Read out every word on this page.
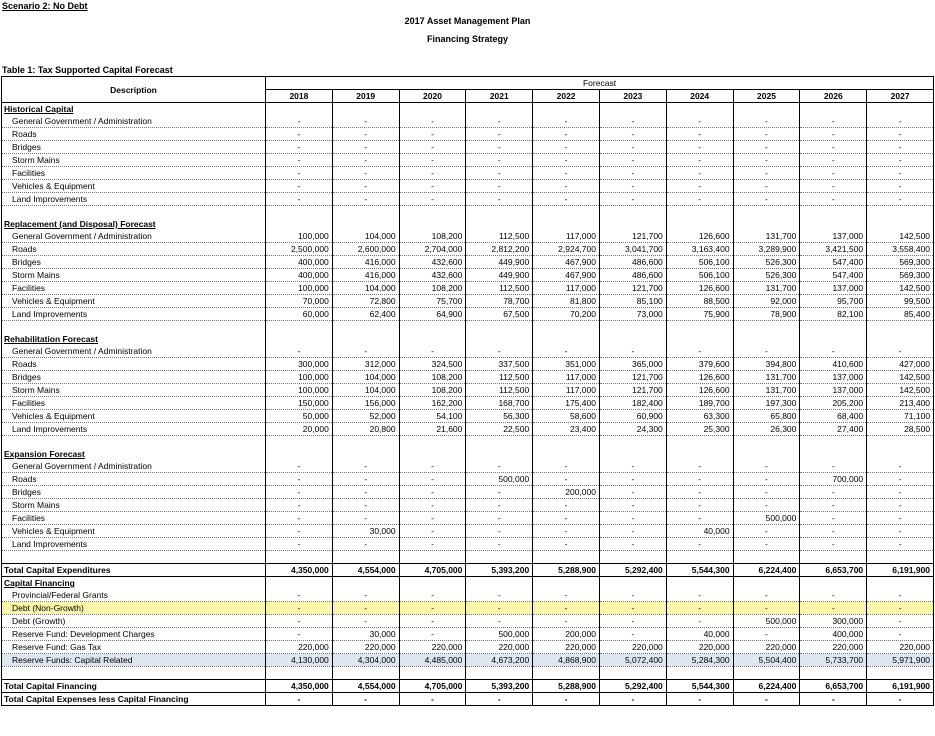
Scenario 2: No Debt
2017 Asset Management Plan
Financing Strategy
Table 1: Tax Supported Capital Forecast
Description	Forecast									
	2018	2019	2020	2021	2022	2023	2024	2025	2026	2027
Historical Capital										
General Government / Administration	-	-	-	-	-	-	-	-	-	-
Roads	-	-	-	-	-	-	-	-	-	-
Bridges	-	-	-	-	-	-	-	-	-	-
Storm Mains	-	-	-	-	-	-	-	-	-	-
Facilities	-	-	-	-	-	-	-	-	-	-
Vehicles & Equipment	-	-	-	-	-	-	-	-	-	-
Land Improvements	-	-	-	-	-	-	-	-	-	-

Replacement (and Disposal) Forecast										
General Government / Administration	100,000	104,000	108,200	112,500	117,000	121,700	126,600	131,700	137,000	142,500
Roads	2,500,000	2,600,000	2,704,000	2,812,200	2,924,700	3,041,700	3,163,400	3,289,900	3,421,500	3,558,400
Bridges	400,000	416,000	432,600	449,900	467,900	486,600	506,100	526,300	547,400	569,300
Storm Mains	400,000	416,000	432,600	449,900	467,900	486,600	506,100	526,300	547,400	569,300
Facilities	100,000	104,000	108,200	112,500	117,000	121,700	126,600	131,700	137,000	142,500
Vehicles & Equipment	70,000	72,800	75,700	78,700	81,800	85,100	88,500	92,000	95,700	99,500
Land Improvements	60,000	62,400	64,900	67,500	70,200	73,000	75,900	78,900	82,100	85,400

Rehabilitation Forecast										
General Government / Administration	-	-	-	-	-	-	-	-	-	-
Roads	300,000	312,000	324,500	337,500	351,000	365,000	379,600	394,800	410,600	427,000
Bridges	100,000	104,000	108,200	112,500	117,000	121,700	126,600	131,700	137,000	142,500
Storm Mains	100,000	104,000	108,200	112,500	117,000	121,700	126,600	131,700	137,000	142,500
Facilities	150,000	156,000	162,200	168,700	175,400	182,400	189,700	197,300	205,200	213,400
Vehicles & Equipment	50,000	52,000	54,100	56,300	58,600	60,900	63,300	65,800	68,400	71,100
Land Improvements	20,000	20,800	21,600	22,500	23,400	24,300	25,300	26,300	27,400	28,500

Expansion Forecast										
General Government / Administration	-	-	-	-	-	-	-	-	-	-
Roads	-	-	-	500,000	-	-	-	-	700,000	-
Bridges	-	-	-	-	200,000	-	-	-	-	-
Storm Mains	-	-	-	-	-	-	-	-	-	-
Facilities	-	-	-	-	-	-	-	500,000	-	-
Vehicles & Equipment	-	30,000	-	-	-	-	40,000	-	-	-
Land Improvements	-	-	-	-	-	-	-	-	-	-

Total Capital Expenditures	4,350,000	4,554,000	4,705,000	5,393,200	5,288,900	5,292,400	5,544,300	6,224,400	6,653,700	6,191,900
Capital Financing										
Provincial/Federal Grants	-	-	-	-	-	-	-	-	-	-
Debt (Non-Growth)	-	-	-	-	-	-	-	-	-	-
Debt (Growth)	-	-	-	-	-	-	-	500,000	300,000	-
Reserve Fund: Development Charges	-	30,000	-	500,000	200,000	-	40,000	-	400,000	-
Reserve Fund: Gas Tax	220,000	220,000	220,000	220,000	220,000	220,000	220,000	220,000	220,000	220,000
Reserve Funds: Capital Related	4,130,000	4,304,000	4,485,000	4,673,200	4,868,900	5,072,400	5,284,300	5,504,400	5,733,700	5,971,900

Total Capital Financing	4,350,000	4,554,000	4,705,000	5,393,200	5,288,900	5,292,400	5,544,300	6,224,400	6,653,700	6,191,900
Total Capital Expenses less Capital Financing	-	-	-	-	-	-	-	-	-	-
